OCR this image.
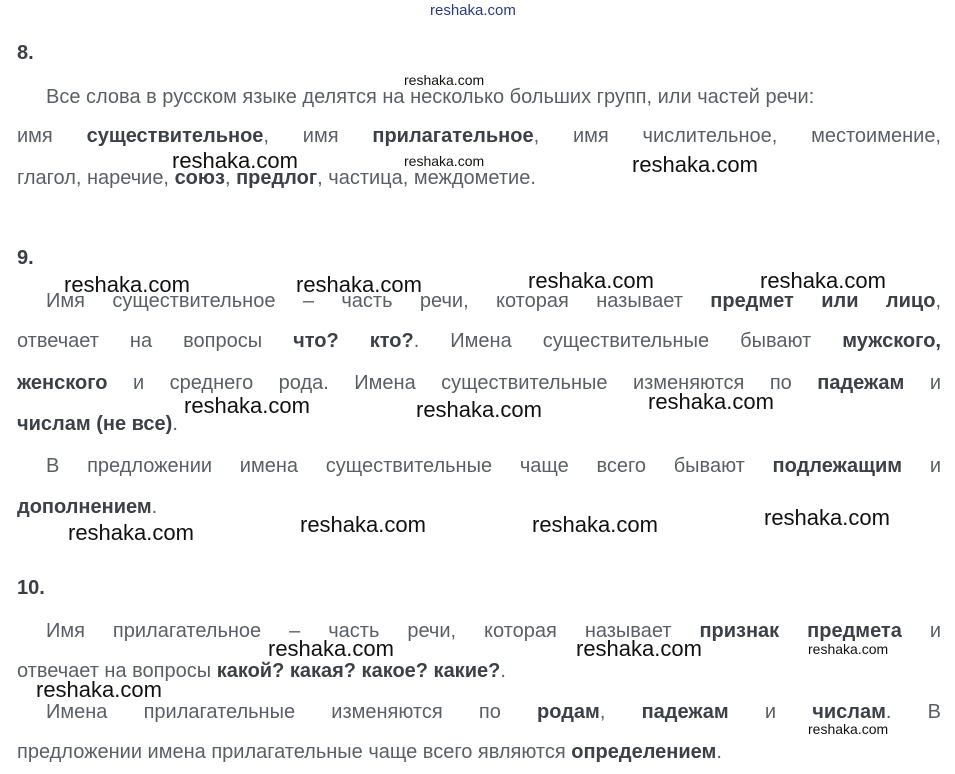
reshaka.com
8.
Все слова в русском языке делятся на несколько больших групп, или частей речи:
имя существительное, имя прилагательное, имя числительное, местоимение,
глагол, наречие, союз, предлог, частица, междометие.
9.
Имя существительное – часть речи, которая называет предмет или лицо,
отвечает на вопросы что? кто?. Имена существительные бывают мужского,
женского и среднего рода. Имена существительные изменяются по падежам и
числам (не все).
В предложении имена существительные чаще всего бывают подлежащим и
дополнением.
10.
Имя прилагательное – часть речи, которая называет признак предмета и
отвечает на вопросы какой? какая? какое? какие?.
Имена прилагательные изменяются по родам, падежам и числам. В
предложении имена прилагательные чаще всего являются определением.
reshaka.com
reshaka.com	reshaka.com	reshaka.com
reshaka.com	reshaka.com	reshaka.com	reshaka.com
reshaka.com	reshaka.com	reshaka.com
reshaka.com	reshaka.com	reshaka.com	reshaka.com
reshaka.com	reshaka.com	reshaka.com
reshaka.com
reshaka.com
